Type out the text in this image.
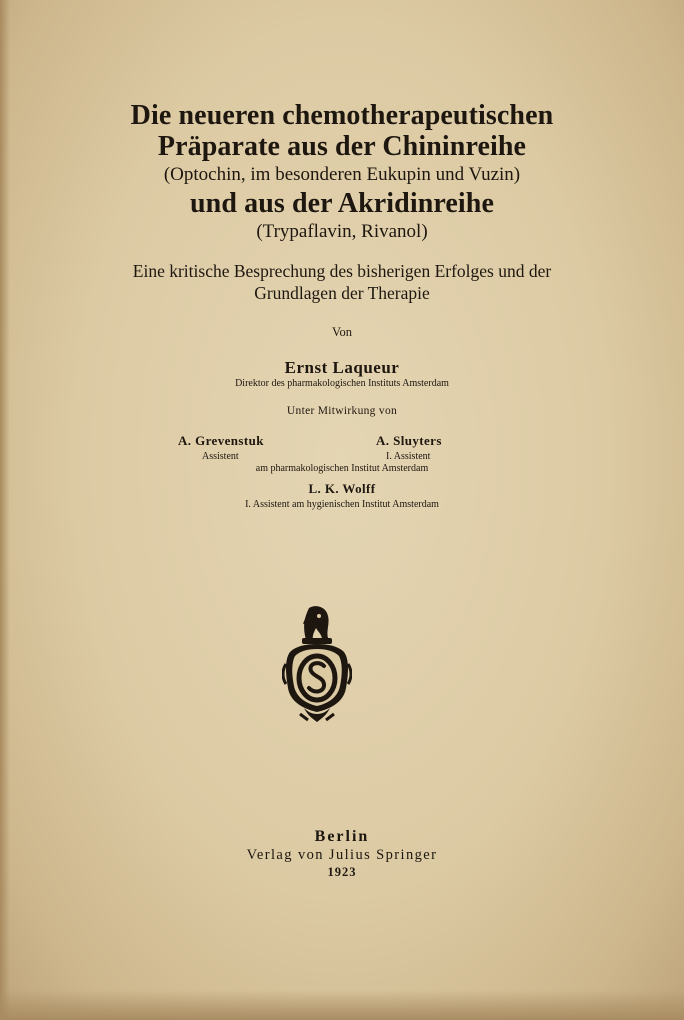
Die neueren chemotherapeutischen
Präparate aus der Chininreihe
(Optochin, im besonderen Eukupin und Vuzin)
und aus der Akridinreihe
(Trypaflavin, Rivanol)
Eine kritische Besprechung des bisherigen Erfolges und der
Grundlagen der Therapie
Von
Ernst Laqueur
Direktor des pharmakologischen Instituts Amsterdam
Unter Mitwirkung von
A. Grevenstuk
Assistent
A. Sluyters
I. Assistent
am pharmakologischen Institut Amsterdam
L. K. Wolff
I. Assistent am hygienischen Institut Amsterdam
Berlin
Verlag von Julius Springer
1923
